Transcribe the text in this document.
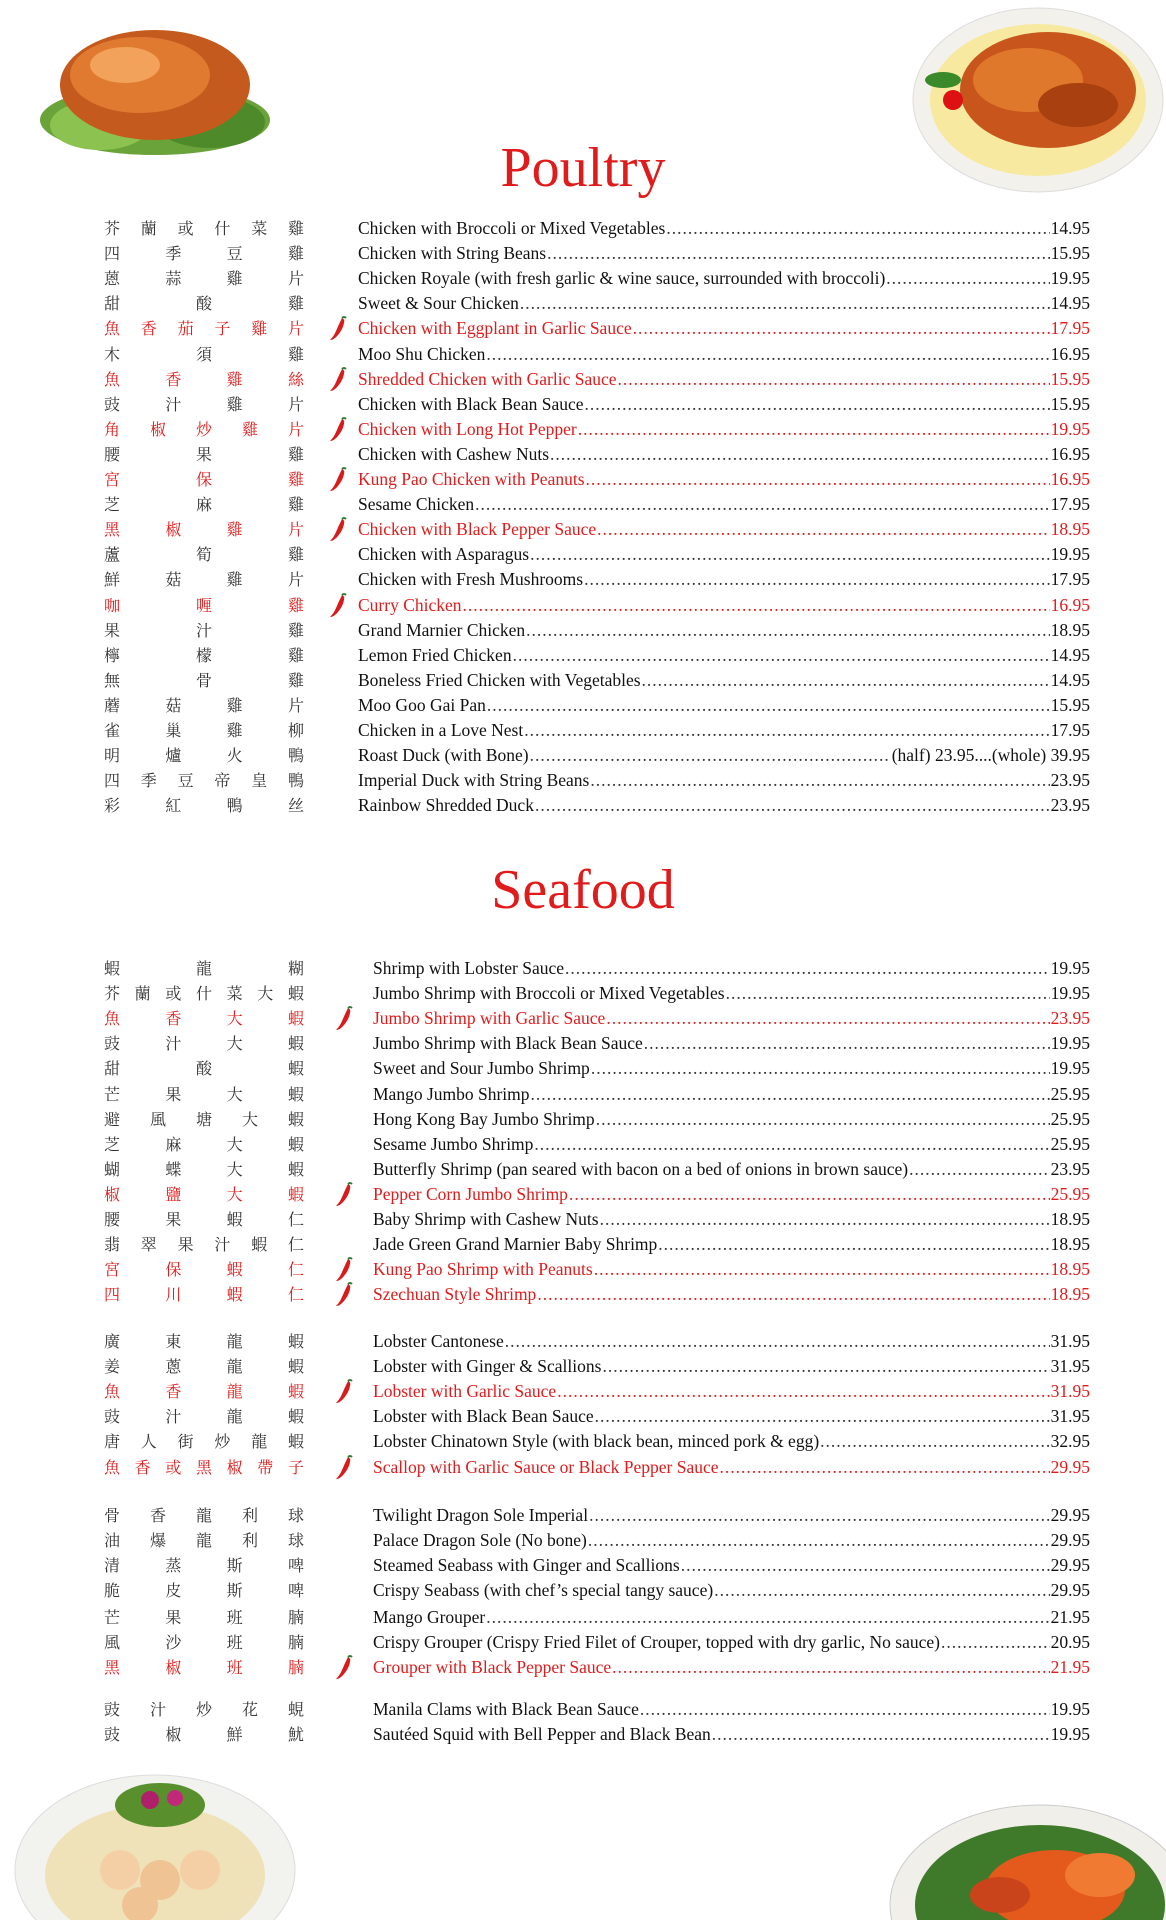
Poultry
芥 蘭 或 什 菜 雞	Chicken with Broccoli or Mixed Vegetables .....	14.95
四	季	豆	雞	Chicken with String Beans .....	15.95
蒽	蒜	雞	片	Chicken Royale (with fresh garlic & wine sauce, surrounded with broccoli) .....	19.95
甜	酸	雞	Sweet & Sour Chicken .....	14.95
魚 香 茄 子 雞 片	Chicken with Eggplant in Garlic Sauce .....	17.95
木	須	雞	Moo Shu Chicken .....	16.95
魚	香	雞	絲	Shredded Chicken with Garlic Sauce .....	15.95
豉	汁	雞	片	Chicken with Black Bean Sauce .....	15.95
角 椒 炒 雞 片	Chicken with Long Hot Pepper .....	19.95
腰	果	雞	Chicken with Cashew Nuts .....	16.95
宮	保	雞	Kung Pao Chicken with Peanuts .....	16.95
芝	麻	雞	Sesame Chicken .....	17.95
黑	椒	雞	片	Chicken with Black Pepper Sauce .....	18.95
蘆	筍	雞	Chicken with Asparagus .....	19.95
鮮	菇	雞	片	Chicken with Fresh Mushrooms .....	17.95
咖	喱	雞	Curry Chicken .....	16.95
果	汁	雞	Grand Marnier Chicken .....	18.95
檸	檬	雞	Lemon Fried Chicken .....	14.95
無	骨	雞	Boneless Fried Chicken with Vegetables .....	14.95
蘑	菇	雞	片	Moo Goo Gai Pan .....	15.95
雀	巢	雞	柳	Chicken in a Love Nest .....	17.95
明	爐	火	鴨	Roast Duck (with Bone) .....	(half) 23.95....(whole) 39.95
四 季 豆 帝 皇 鴨	Imperial Duck with String Beans .....	23.95
彩	紅	鴨	丝	Rainbow Shredded Duck .....	23.95
Seafood
蝦	龍	糊	Shrimp with Lobster Sauce .....	19.95
芥 蘭 或 什 菜 大 蝦	Jumbo Shrimp with Broccoli or Mixed Vegetables .....	19.95
魚	香	大	蝦	Jumbo Shrimp with Garlic Sauce .....	23.95
豉	汁	大	蝦	Jumbo Shrimp with Black Bean Sauce .....	19.95
甜	酸	蝦	Sweet and Sour Jumbo Shrimp .....	19.95
芒	果	大	蝦	Mango Jumbo Shrimp .....	25.95
避 風 塘 大 蝦	Hong Kong Bay Jumbo Shrimp .....	25.95
芝	麻	大	蝦	Sesame Jumbo Shrimp .....	25.95
蝴	蝶	大	蝦	Butterfly Shrimp (pan seared with bacon on a bed of onions in brown sauce) .....	23.95
椒	鹽	大	蝦	Pepper Corn Jumbo Shrimp .....	25.95
腰	果	蝦	仁	Baby Shrimp with Cashew Nuts .....	18.95
翡 翠 果 汁 蝦 仁	Jade Green Grand Marnier Baby Shrimp .....	18.95
宮	保	蝦	仁	Kung Pao Shrimp with Peanuts .....	18.95
四	川	蝦	仁	Szechuan Style Shrimp .....	18.95
廣	東	龍	蝦	Lobster Cantonese .....	31.95
姜	蔥	龍	蝦	Lobster with Ginger & Scallions .....	31.95
魚	香	龍	蝦	Lobster with Garlic Sauce .....	31.95
豉	汁	龍	蝦	Lobster with Black Bean Sauce .....	31.95
唐 人 街 炒 龍 蝦	Lobster Chinatown Style (with black bean, minced pork & egg) .....	32.95
魚 香 或 黑 椒 帶 子	Scallop with Garlic Sauce or Black Pepper Sauce .....	29.95
骨 香 龍 利 球	Twilight Dragon Sole Imperial .....	29.95
油 爆 龍 利 球	Palace Dragon Sole (No bone) .....	29.95
清	蒸	斯	啤	Steamed Seabass with Ginger and Scallions .....	29.95
脆	皮	斯	啤	Crispy Seabass (with chef’s special tangy sauce) .....	29.95
芒	果	班	腩	Mango Grouper .....	21.95
風	沙	班	腩	Crispy Grouper (Crispy Fried Filet of Crouper, topped with dry garlic, No sauce) .....	20.95
黑	椒	班	腩	Grouper with Black Pepper Sauce .....	21.95
豉 汁 炒 花 蜆	Manila Clams with Black Bean Sauce .....	19.95
豉	椒	鮮	魷	Sautéed Squid with Bell Pepper and Black Bean .....	19.95
